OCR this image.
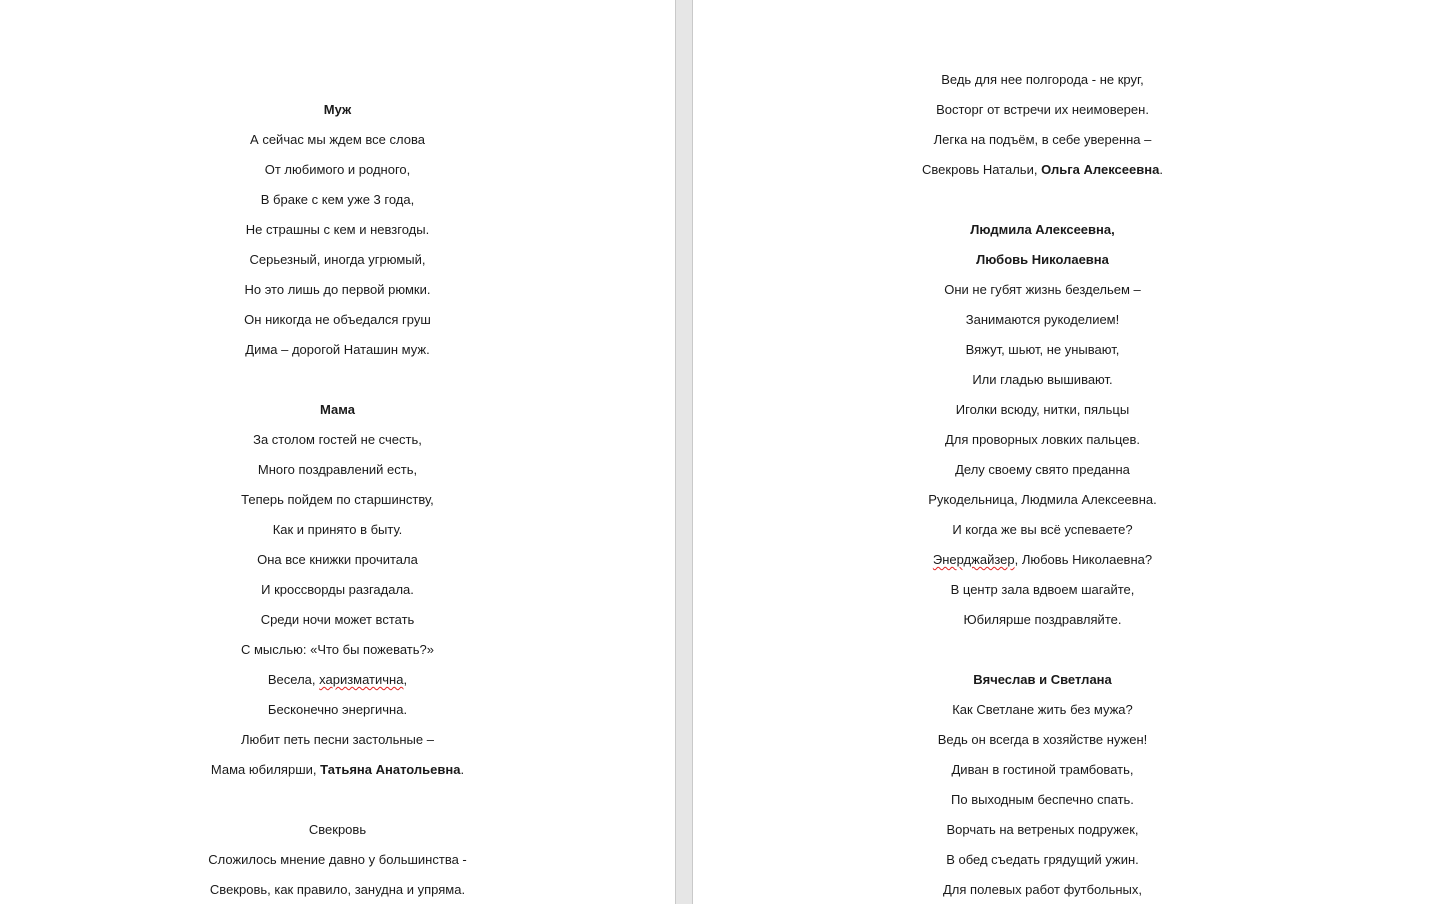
Муж
А сейчас мы ждем все слова
От любимого и родного,
В браке с кем уже 3 года,
Не страшны с кем и невзгоды.
Серьезный, иногда угрюмый,
Но это лишь до первой рюмки.
Он никогда не объедался груш
Дима – дорогой Наташин муж.
Мама
За столом гостей не счесть,
Много поздравлений есть,
Теперь пойдем по старшинству,
Как и принято в быту.
Она все книжки прочитала
И кроссворды разгадала.
Среди ночи может встать
С мыслью: «Что бы пожевать?»
Весела, харизматична,
Бесконечно энергична.
Любит петь песни застольные –
Мама юбилярши, Татьяна Анатольевна.
Свекровь
Сложилось мнение давно у большинства -
Свекровь, как правило, занудна и упряма.
Ведь для нее полгорода - не круг,
Восторг от встречи их неимоверен.
Легка на подъём, в себе уверенна –
Свекровь Натальи, Ольга Алексеевна.
Людмила Алексеевна,
Любовь Николаевна
Они не губят жизнь бездельем –
Занимаются рукоделием!
Вяжут, шьют, не унывают,
Или гладью вышивают.
Иголки всюду, нитки, пяльцы
Для проворных ловких пальцев.
Делу своему свято преданна
Рукодельница, Людмила Алексеевна.
И когда же вы всё успеваете?
Энерджайзер, Любовь Николаевна?
В центр зала вдвоем шагайте,
Юбилярше поздравляйте.
Вячеслав и Светлана
Как Светлане жить без мужа?
Ведь он всегда в хозяйстве нужен!
Диван в гостиной трамбовать,
По выходным беспечно спать.
Ворчать на ветреных подружек,
В обед съедать грядущий ужин.
Для полевых работ футбольных,
